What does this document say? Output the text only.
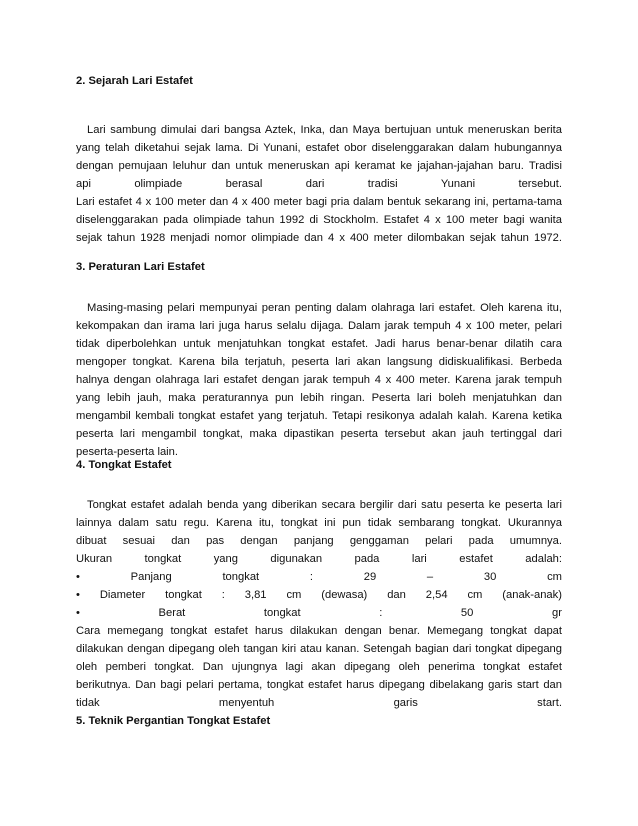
2. Sejarah Lari Estafet
Lari sambung dimulai dari bangsa Aztek, Inka, dan Maya bertujuan untuk meneruskan berita
yang telah diketahui sejak lama. Di Yunani, estafet obor diselenggarakan dalam hubungannya
dengan pemujaan leluhur dan untuk meneruskan api keramat ke jajahan-jajahan baru. Tradisi
api olimpiade berasal dari tradisi Yunani tersebut.
Lari estafet 4 x 100 meter dan 4 x 400 meter bagi pria dalam bentuk sekarang ini, pertama-tama
diselenggarakan pada olimpiade tahun 1992 di Stockholm. Estafet 4 x 100 meter bagi wanita
sejak tahun 1928 menjadi nomor olimpiade dan 4 x 400 meter dilombakan sejak tahun 1972.
3. Peraturan Lari Estafet
Masing-masing pelari mempunyai peran penting dalam olahraga lari estafet. Oleh karena itu,
kekompakan dan irama lari juga harus selalu dijaga. Dalam jarak tempuh 4 x 100 meter, pelari
tidak diperbolehkan untuk menjatuhkan tongkat estafet. Jadi harus benar-benar dilatih cara
mengoper tongkat. Karena bila terjatuh, peserta lari akan langsung didiskualifikasi. Berbeda
halnya dengan olahraga lari estafet dengan jarak tempuh 4 x 400 meter. Karena jarak tempuh
yang lebih jauh, maka peraturannya pun lebih ringan. Peserta lari boleh menjatuhkan dan
mengambil kembali tongkat estafet yang terjatuh. Tetapi resikonya adalah kalah. Karena ketika
peserta lari mengambil tongkat, maka dipastikan peserta tersebut akan jauh tertinggal dari
peserta-peserta lain.
4. Tongkat Estafet
Tongkat estafet adalah benda yang diberikan secara bergilir dari satu peserta ke peserta lari
lainnya dalam satu regu. Karena itu, tongkat ini pun tidak sembarang tongkat. Ukurannya
dibuat sesuai dan pas dengan panjang genggaman pelari pada umumnya.
Ukuran tongkat yang digunakan pada lari estafet adalah:
•	Panjang	tongkat	:	29	–	30	cm
• Diameter tongkat : 3,81 cm (dewasa) dan 2,54 cm (anak-anak)
•	Berat	tongkat	:	50	gr
Cara memegang tongkat estafet harus dilakukan dengan benar. Memegang tongkat dapat
dilakukan dengan dipegang oleh tangan kiri atau kanan. Setengah bagian dari tongkat dipegang
oleh pemberi tongkat. Dan ujungnya lagi akan dipegang oleh penerima tongkat estafet
berikutnya. Dan bagi pelari pertama, tongkat estafet harus dipegang dibelakang garis start dan
tidak menyentuh garis start.
5. Teknik Pergantian Tongkat Estafet
